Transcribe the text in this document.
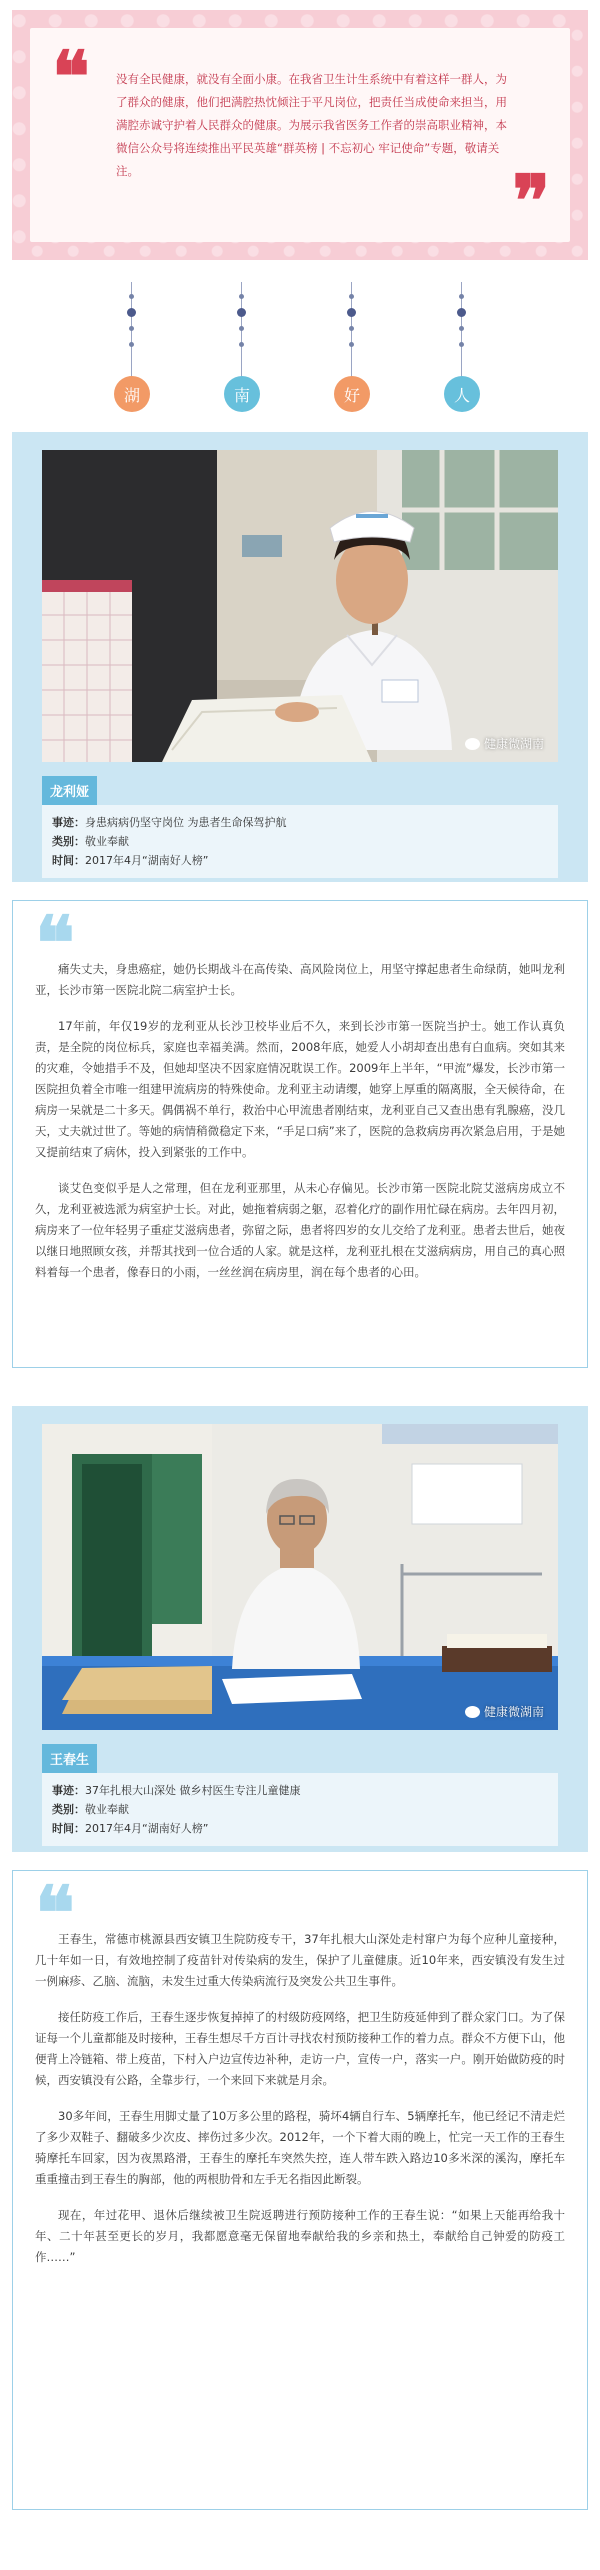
❝ 没有全民健康，就没有全面小康。在我省卫生计生系统中有着这样一群人，为了群众的健康，他们把满腔热忱倾注于平凡岗位，把责任当成使命来担当，用满腔赤诚守护着人民群众的健康。为展示我省医务工作者的崇高职业精神，本微信公众号将连续推出平民英雄“群英榜 | 不忘初心 牢记使命”专题，敬请关注。	❞
湖	南	好	人
健康微湖南
龙利娅
事迹：身患病病仍坚守岗位 为患者生命保驾护航
类别：敬业奉献
时间：2017年4月“湖南好人榜”
❝

痛失丈夫，身患癌症，她仍长期战斗在高传染、高风险岗位上，用坚守撑起患者生命绿荫，她叫龙利亚，长沙市第一医院北院二病室护士长。

17年前，年仅19岁的龙利亚从长沙卫校毕业后不久，来到长沙市第一医院当护士。她工作认真负责，是全院的岗位标兵，家庭也幸福美满。然而，2008年底，她爱人小胡却查出患有白血病。突如其来的灾难，令她措手不及，但她却坚决不因家庭情况耽误工作。2009年上半年，“甲流”爆发，长沙市第一医院担负着全市唯一组建甲流病房的特殊使命。龙利亚主动请缨，她穿上厚重的隔离服，全天候待命，在病房一呆就是二十多天。偶偶祸不单行，救治中心甲流患者刚结束，龙利亚自己又查出患有乳腺癌，没几天，丈夫就过世了。等她的病情稍微稳定下来，“手足口病”来了，医院的急救病房再次紧急启用，于是她又提前结束了病休，投入到紧张的工作中。

谈艾色变似乎是人之常理，但在龙利亚那里，从未心存偏见。长沙市第一医院北院艾滋病房成立不久，龙利亚被选派为病室护士长。对此，她拖着病弱之躯，忍着化疗的副作用忙碌在病房。去年四月初，病房来了一位年轻男子重症艾滋病患者，弥留之际，患者将四岁的女儿交给了龙利亚。患者去世后，她夜以继日地照顾女孩，并帮其找到一位合适的人家。就是这样，龙利亚扎根在艾滋病病房，用自己的真心照料着每一个患者，像春日的小雨，一丝丝润在病房里，润在每个患者的心田。

健康微湖南
王春生
事迹：37年扎根大山深处 做乡村医生专注儿童健康
类别：敬业奉献
时间：2017年4月“湖南好人榜”
❝

王春生，常德市桃源县西安镇卫生院防疫专干，37年扎根大山深处走村窜户为每个应种儿童接种，几十年如一日，有效地控制了疫苗针对传染病的发生，保护了儿童健康。近10年来，西安镇没有发生过一例麻疹、乙脑、流脑，未发生过重大传染病流行及突发公共卫生事件。

接任防疫工作后，王春生逐步恢复掉掉了的村级防疫网络，把卫生防疫延伸到了群众家门口。为了保证每一个儿童都能及时接种，王春生想尽千方百计寻找农村预防接种工作的着力点。群众不方便下山，他便背上冷链箱、带上疫苗，下村入户边宣传边补种，走访一户，宣传一户，落实一户。刚开始做防疫的时候，西安镇没有公路，全靠步行，一个来回下来就是月余。

30多年间，王春生用脚丈量了10万多公里的路程，骑坏4辆自行车、5辆摩托车，他已经记不清走烂了多少双鞋子、翻破多少次皮、摔伤过多少次。2012年，一个下着大雨的晚上，忙完一天工作的王春生骑摩托车回家，因为夜黑路滑，王春生的摩托车突然失控，连人带车跌入路边10多米深的溪沟，摩托车重重撞击到王春生的胸部，他的两根肋骨和左手无名指因此断裂。

现在，年过花甲、退休后继续被卫生院返聘进行预防接种工作的王春生说：“如果上天能再给我十年、二十年甚至更长的岁月，我都愿意毫无保留地奉献给我的乡亲和热土，奉献给自己钟爱的防疫工作……”
